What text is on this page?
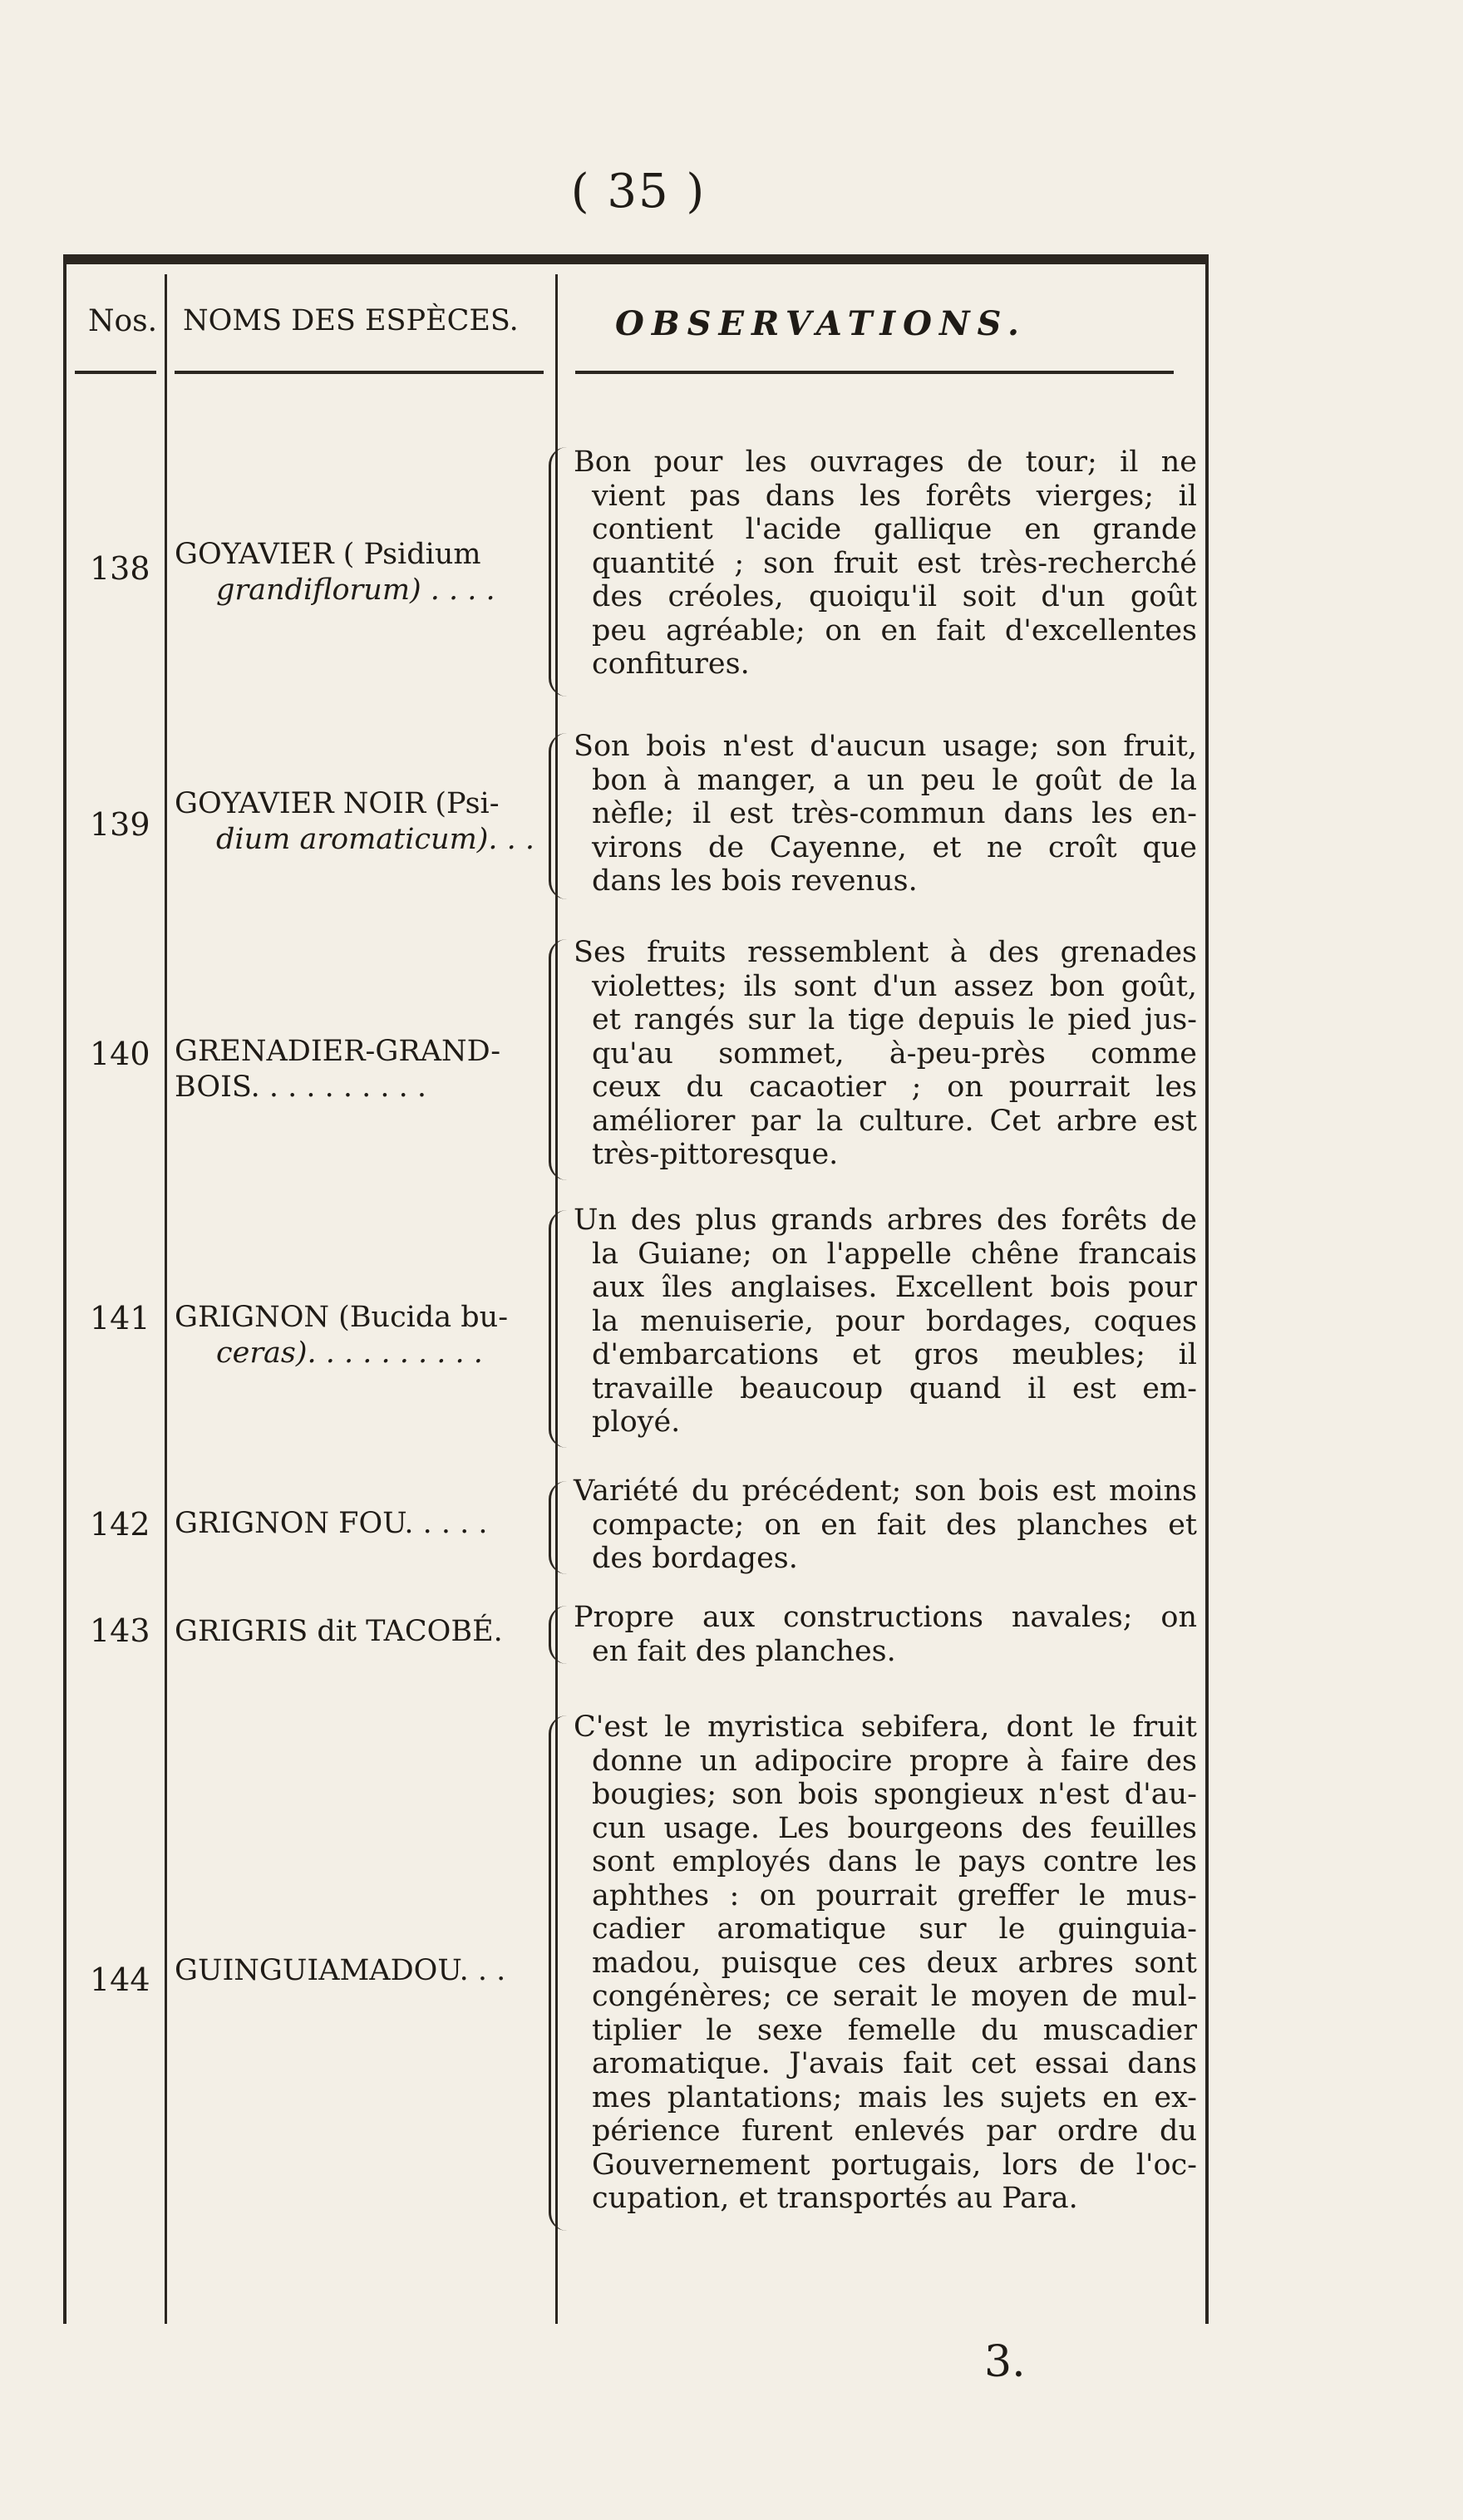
( 35 )
Nos. NOMS DES ESPÈCES.	OBSERVATIONS.
138 GOYAVIER ( Psidium
grandiflorum) . . . .
Bon pour les ouvrages de tour; il ne
vient pas dans les forêts vierges; il
contient l'acide gallique en grande
quantité ; son fruit est très-recherché
des créoles, quoiqu'il soit d'un goût
peu agréable; on en fait d'excellentes
confitures.
139
GOYAVIER NOIR (Psi-
dium aromaticum). . .
Son bois n'est d'aucun usage; son fruit,
bon à manger, a un peu le goût de la
nèfle; il est très-commun dans les en-
virons de Cayenne, et ne croît que
dans les bois revenus.
140 GRENADIER-GRAND-
BOIS. . . . . . . . . .
Ses fruits ressemblent à des grenades
violettes; ils sont d'un assez bon goût,
et rangés sur la tige depuis le pied jus-
qu'au sommet, à-peu-près comme
ceux du cacaotier ; on pourrait les
améliorer par la culture. Cet arbre est
très-pittoresque.
141 GRIGNON (Bucida bu-
ceras). . . . . . . . . .
Un des plus grands arbres des forêts de
la Guiane; on l'appelle chêne francais
aux îles anglaises. Excellent bois pour
la menuiserie, pour bordages, coques
d'embarcations et gros meubles; il
travaille beaucoup quand il est em-
ployé.
142 GRIGNON FOU. . . . .
Variété du précédent; son bois est moins
compacte; on en fait des planches et
des bordages.
143 GRIGRIS dit TACOBÉ.	Propre aux constructions navales; on
en fait des planches.
144 GUINGUIAMADOU. . .
C'est le myristica sebifera, dont le fruit
donne un adipocire propre à faire des
bougies; son bois spongieux n'est d'au-
cun usage. Les bourgeons des feuilles
sont employés dans le pays contre les
aphthes : on pourrait greffer le mus-
cadier aromatique sur le guinguia-
madou, puisque ces deux arbres sont
congénères; ce serait le moyen de mul-
tiplier le sexe femelle du muscadier
aromatique. J'avais fait cet essai dans
mes plantations; mais les sujets en ex-
périence furent enlevés par ordre du
Gouvernement portugais, lors de l'oc-
cupation, et transportés au Para.
3.
